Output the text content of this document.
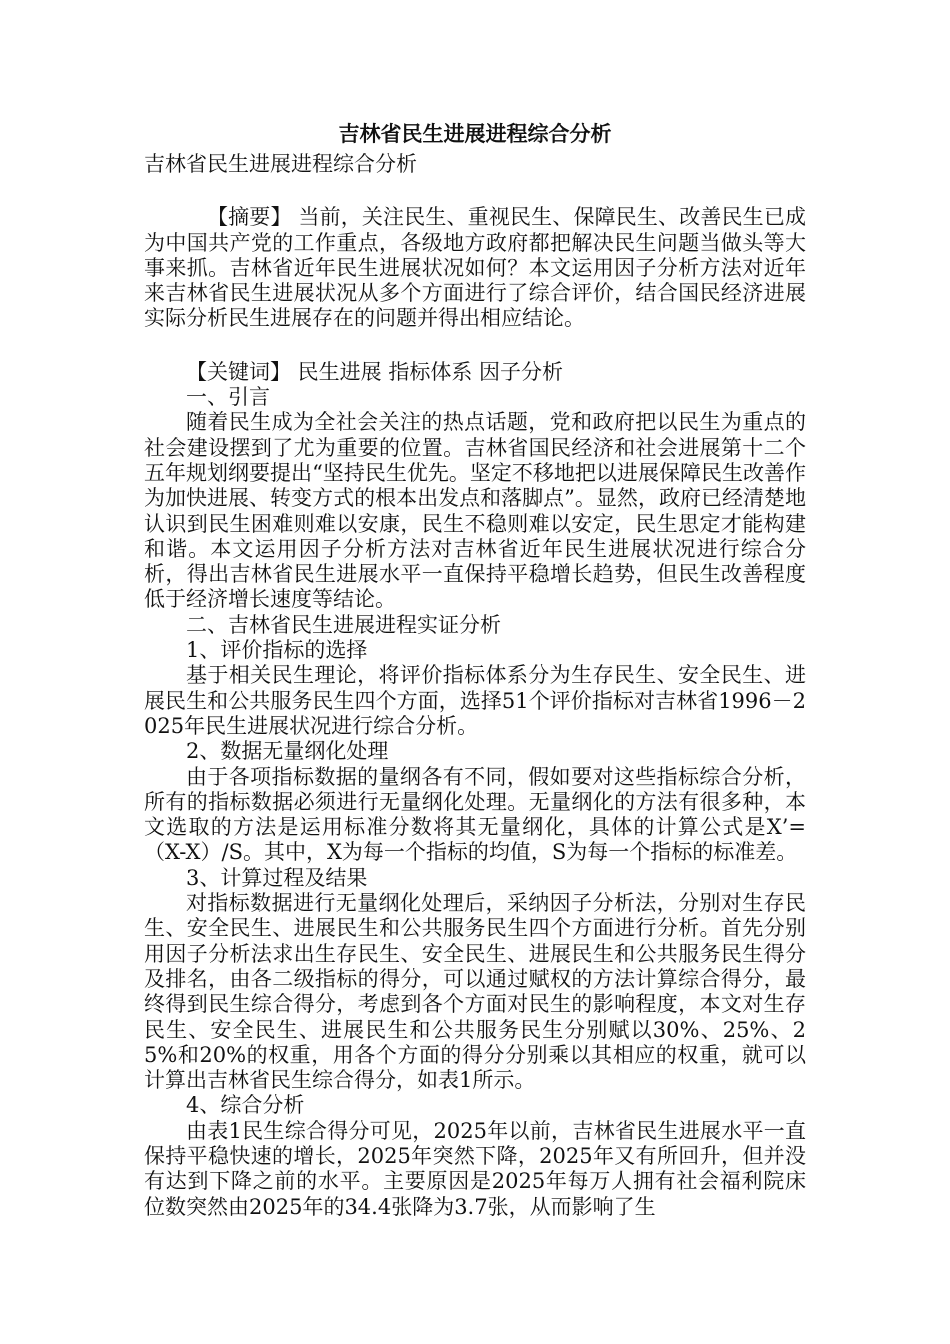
吉林省民生进展进程综合分析

吉林省民生进展进程综合分析

【摘要】 当前，关注民生、重视民生、保障民生、改善民生已成为中国共产党的工作重点，各级地方政府都把解决民生问题当做头等大事来抓。吉林省近年民生进展状况如何？本文运用因子分析方法对近年来吉林省民生进展状况从多个方面进行了综合评价，结合国民经济进展实际分析民生进展存在的问题并得出相应结论。

【关键词】 民生进展 指标体系 因子分析

一、引言

随着民生成为全社会关注的热点话题，党和政府把以民生为重点的社会建设摆到了尤为重要的位置。吉林省国民经济和社会进展第十二个五年规划纲要提出“坚持民生优先。坚定不移地把以进展保障民生改善作为加快进展、转变方式的根本出发点和落脚点”。显然，政府已经清楚地认识到民生困难则难以安康，民生不稳则难以安定，民生思定才能构建和谐。本文运用因子分析方法对吉林省近年民生进展状况进行综合分析，得出吉林省民生进展水平一直保持平稳增长趋势，但民生改善程度低于经济增长速度等结论。

二、吉林省民生进展进程实证分析

1、评价指标的选择

基于相关民生理论，将评价指标体系分为生存民生、安全民生、进展民生和公共服务民生四个方面，选择51个评价指标对吉林省1996－2025年民生进展状况进行综合分析。

2、数据无量纲化处理

由于各项指标数据的量纲各有不同，假如要对这些指标综合分析，所有的指标数据必须进行无量纲化处理。无量纲化的方法有很多种，本文选取的方法是运用标准分数将其无量纲化，具体的计算公式是X’=（X-X）/S。其中，X为每一个指标的均值，S为每一个指标的标准差。

3、计算过程及结果

对指标数据进行无量纲化处理后，采纳因子分析法，分别对生存民生、安全民生、进展民生和公共服务民生四个方面进行分析。首先分别用因子分析法求出生存民生、安全民生、进展民生和公共服务民生得分及排名，由各二级指标的得分，可以通过赋权的方法计算综合得分，最终得到民生综合得分，考虑到各个方面对民生的影响程度，本文对生存民生、安全民生、进展民生和公共服务民生分别赋以30%、25%、25%和20%的权重，用各个方面的得分分别乘以其相应的权重，就可以计算出吉林省民生综合得分，如表1所示。

4、综合分析

由表1民生综合得分可见，2025年以前，吉林省民生进展水平一直保持平稳快速的增长，2025年突然下降，2025年又有所回升，但并没有达到下降之前的水平。主要原因是2025年每万人拥有社会福利院床位数突然由2025年的34.4张降为3.7张，从而影响了生
